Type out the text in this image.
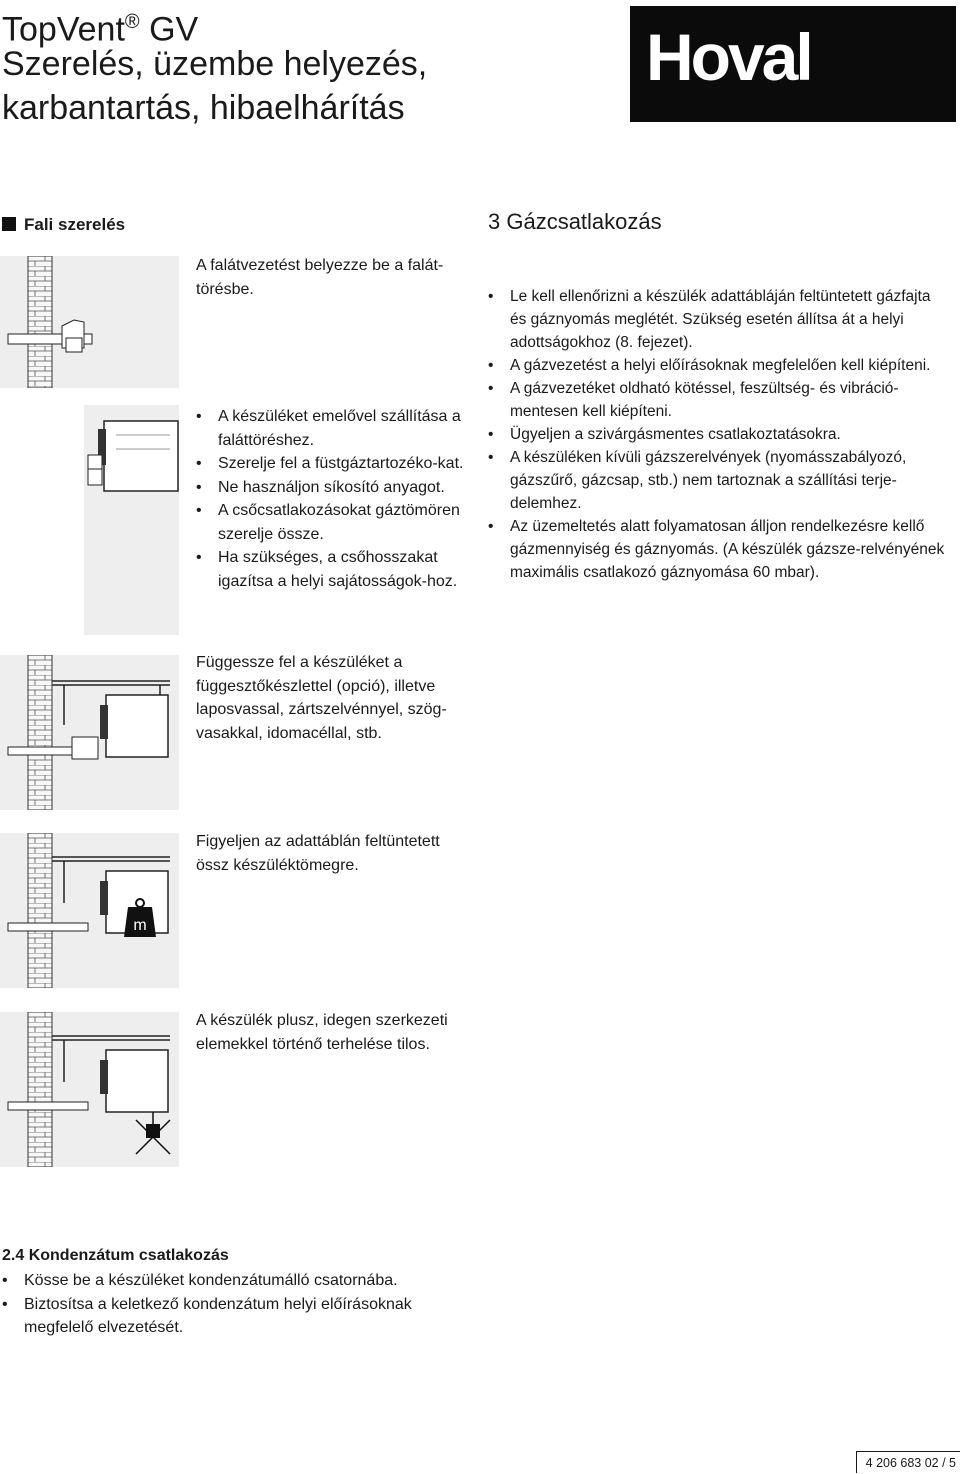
TopVent® GV
Szerelés, üzembe helyezés,
karbantartás, hibaelhárítás
Hoval
Fali szerelés
A falátvezetést belyezze be a falát-törésbe.
• A készüléket emelővel szállítása a faláttöréshez.
• Szerelje fel a füstgáztartozéko-kat.
• Ne használjon síkosító anyagot.
• A csőcsatlakozásokat gáztömören szerelje össze.
• Ha szükséges, a csőhosszakat igazítsa a helyi sajátosságok-hoz.
Függessze fel a készüléket a függesztőkészlettel (opció), illetve laposvassal, zártszelvénnyel, szög-vasakkal, idomacéllal, stb.
m
Figyeljen az adattáblán feltüntetett össz készüléktömegre.
A készülék plusz, idegen szerkezeti elemekkel történő terhelése tilos.
3 Gázcsatlakozás
• Le kell ellenőrizni a készülék adattábláján feltüntetett gázfajta és gáznyomás meglétét. Szükség esetén állítsa át a helyi adottságokhoz (8. fejezet).
• A gázvezetést a helyi előírásoknak megfelelően kell kiépíteni.
• A gázvezetéket oldható kötéssel, feszültség- és vibráció-mentesen kell kiépíteni.
• Ügyeljen a szivárgásmentes csatlakoztatásokra.
• A készüléken kívüli gázszerelvények (nyomásszabályozó, gázszűrő, gázcsap, stb.) nem tartoznak a szállítási terje-delemhez.
• Az üzemeltetés alatt folyamatosan álljon rendelkezésre kellő gázmennyiség és gáznyomás. (A készülék gázsze-relvényének maximális csatlakozó gáznyomása 60 mbar).
2.4 Kondenzátum csatlakozás
• Kösse be a készüléket kondenzátumálló csatornába.
• Biztosítsa a keletkező kondenzátum helyi előírásoknak megfelelő elvezetését.
4 206 683 02 / 5
